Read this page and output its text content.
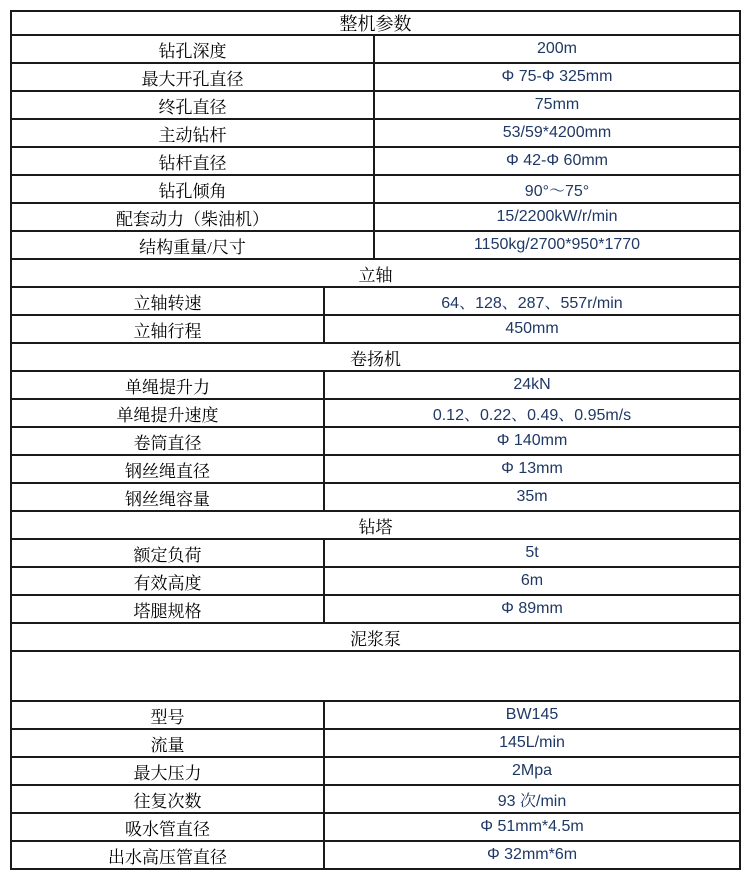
整机参数
钻孔深度	200m
最大开孔直径	Φ 75-Φ 325mm
终孔直径	75mm
主动钻杆	53/59*4200mm
钻杆直径	Φ 42-Φ 60mm
钻孔倾角	90°～75°
配套动力（柴油机）	15/2200kW/r/min
结构重量/尺寸	1150kg/2700*950*1770
立轴
立轴转速	64、128、287、557r/min
立轴行程	450mm
卷扬机
单绳提升力	24kN
单绳提升速度	0.12、0.22、0.49、0.95m/s
卷筒直径	Φ 140mm
钢丝绳直径	Φ 13mm
钢丝绳容量	35m
钻塔
额定负荷	5t
有效高度	6m
塔腿规格	Φ 89mm
泥浆泵
型号	BW145
流量	145L/min
最大压力	2Mpa
往复次数	93 次/min
吸水管直径	Φ 51mm*4.5m
出水高压管直径	Φ 32mm*6m
